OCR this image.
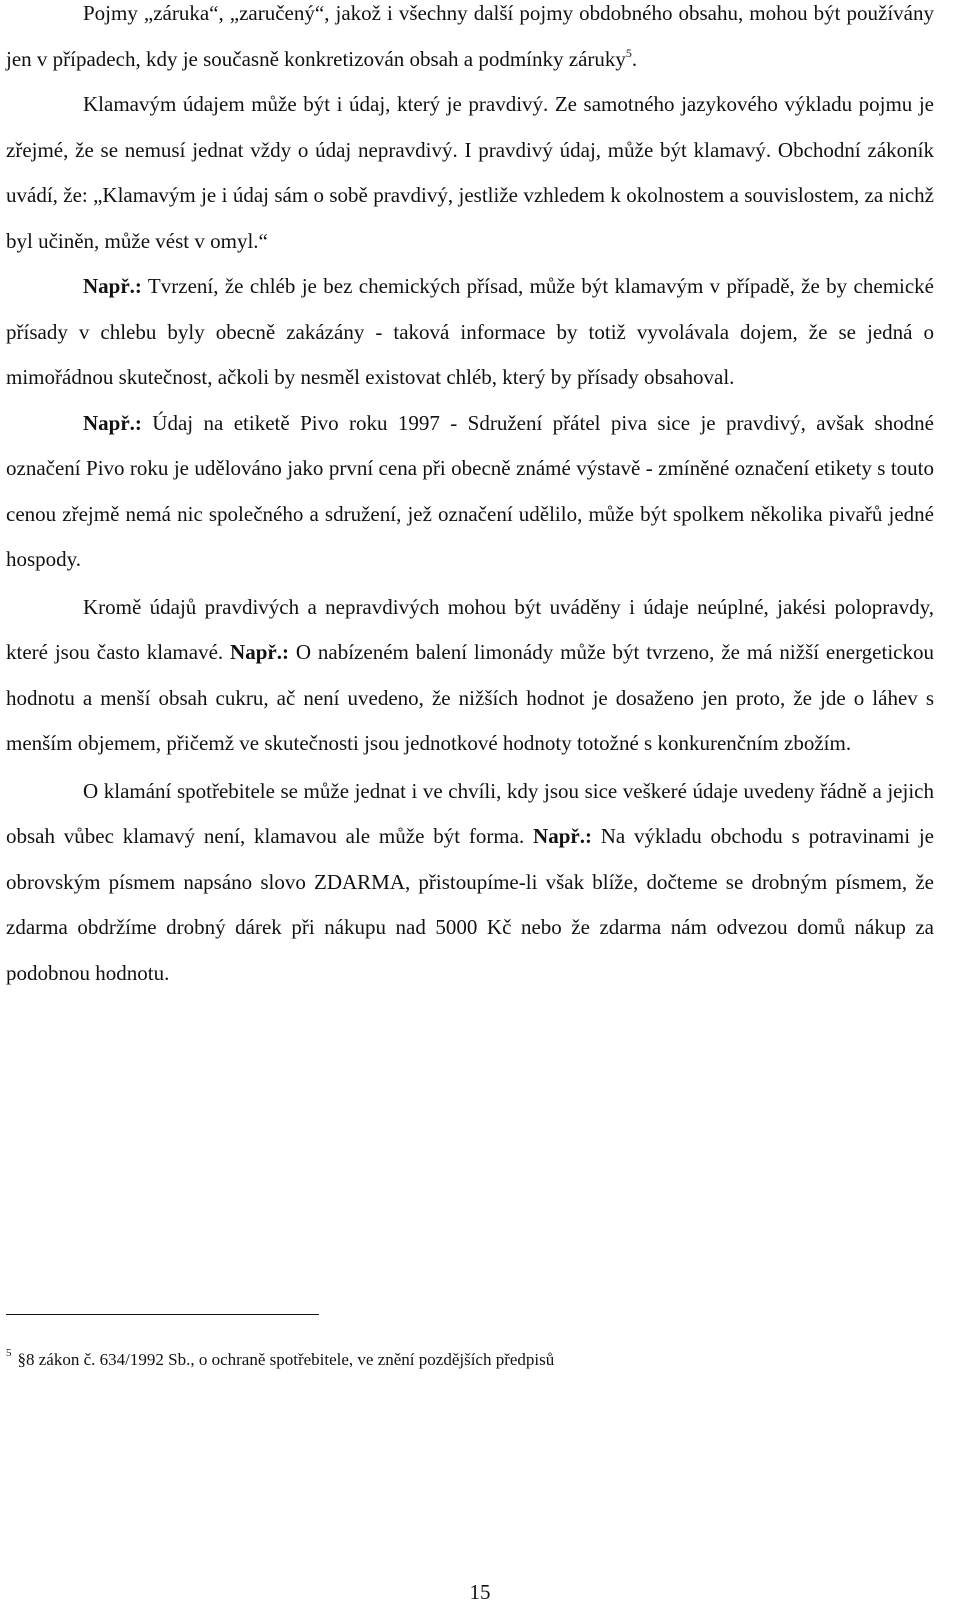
Pojmy „záruka“, „zaručený“, jakož i všechny další pojmy obdobného obsahu, mohou být používány jen v případech, kdy je současně konkretizován obsah a podmínky záruky$^5$.

Klamavým údajem může být i údaj, který je pravdivý. Ze samotného jazykového výkladu pojmu je zřejmé, že se nemusí jednat vždy o údaj nepravdivý. I pravdivý údaj, může být klamavý. Obchodní zákoník uvádí, že: „Klamavým je i údaj sám o sobě pravdivý, jestliže vzhledem k okolnostem a souvislostem, za nichž byl učiněn, může vést v omyl.“

Např.: Tvrzení, že chléb je bez chemických přísad, může být klamavým v případě, že by chemické přísady v chlebu byly obecně zakázány - taková informace by totiž vyvolávala dojem, že se jedná o mimořádnou skutečnost, ačkoli by nesměl existovat chléb, který by přísady obsahoval.

Např.: Údaj na etiketě Pivo roku 1997 - Sdružení přátel piva sice je pravdivý, avšak shodné označení Pivo roku je udělováno jako první cena při obecně známé výstavě - zmíněné označení etikety s touto cenou zřejmě nemá nic společného a sdružení, jež označení udělilo, může být spolkem několika pivařů jedné hospody.

Kromě údajů pravdivých a nepravdivých mohou být uváděny i údaje neúplné, jakési polopravdy, které jsou často klamavé. Např.: O nabízeném balení limonády může být tvrzeno, že má nižší energetickou hodnotu a menší obsah cukru, ač není uvedeno, že nižších hodnot je dosaženo jen proto, že jde o láhev s menším objemem, přičemž ve skutečnosti jsou jednotkové hodnoty totožné s konkurenčním zbožím.

O klamání spotřebitele se může jednat i ve chvíli, kdy jsou sice veškeré údaje uvedeny řádně a jejich obsah vůbec klamavý není, klamavou ale může být forma. Např.: Na výkladu obchodu s potravinami je obrovským písmem napsáno slovo ZDARMA, přistoupíme-li však blíže, dočteme se drobným písmem, že zdarma obdržíme drobný dárek při nákupu nad 5000 Kč nebo že zdarma nám odvezou domů nákup za podobnou hodnotu.

$^5$ §8 zákon č. 634/1992 Sb., o ochraně spotřebitele, ve znění pozdějších předpisů
15
